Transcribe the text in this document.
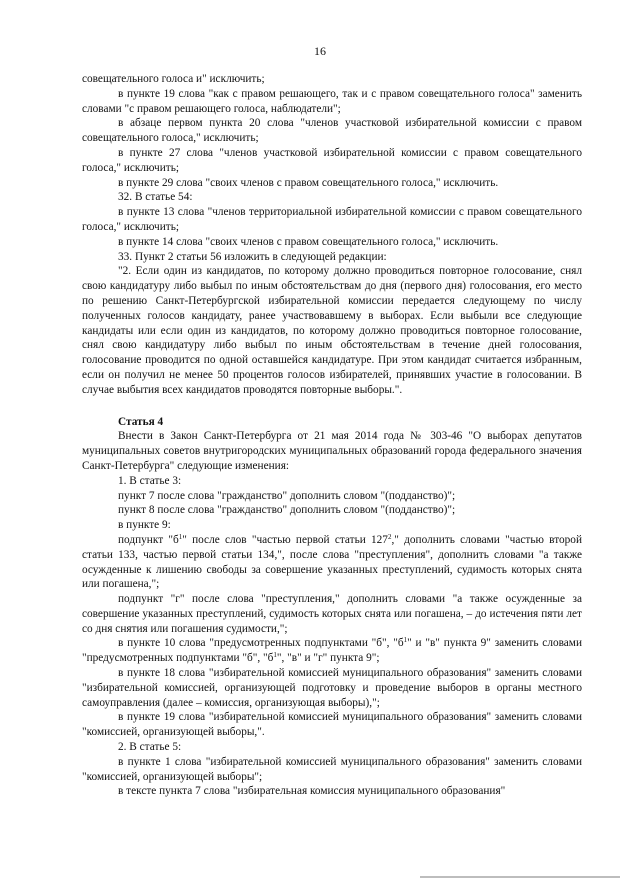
16

совещательного голоса и" исключить;

в пункте 19 слова "как с правом решающего, так и с правом совещательного голоса" заменить словами "с правом решающего голоса, наблюдатели";

в абзаце первом пункта 20 слова "членов участковой избирательной комиссии с правом совещательного голоса," исключить;

в пункте 27 слова "членов участковой избирательной комиссии с правом совещательного голоса," исключить;

в пункте 29 слова "своих членов с правом совещательного голоса," исключить.

32. В статье 54:

в пункте 13 слова "членов территориальной избирательной комиссии с правом совещательного голоса," исключить;

в пункте 14 слова "своих членов с правом совещательного голоса," исключить.

33. Пункт 2 статьи 56 изложить в следующей редакции:

"2. Если один из кандидатов, по которому должно проводиться повторное голосование, снял свою кандидатуру либо выбыл по иным обстоятельствам до дня (первого дня) голосования, его место по решению Санкт-Петербургской избирательной комиссии передается следующему по числу полученных голосов кандидату, ранее участвовавшему в выборах. Если выбыли все следующие кандидаты или если один из кандидатов, по которому должно проводиться повторное голосование, снял свою кандидатуру либо выбыл по иным обстоятельствам в течение дней голосования, голосование проводится по одной оставшейся кандидатуре. При этом кандидат считается избранным, если он получил не менее 50 процентов голосов избирателей, принявших участие в голосовании. В случае выбытия всех кандидатов проводятся повторные выборы.".

Статья 4

Внести в Закон Санкт-Петербурга от 21 мая 2014 года № 303-46 "О выборах депутатов муниципальных советов внутригородских муниципальных образований города федерального значения Санкт-Петербурга" следующие изменения:

1. В статье 3:

пункт 7 после слова "гражданство" дополнить словом "(подданство)";

пункт 8 после слова "гражданство" дополнить словом "(подданство)";

в пункте 9:

подпункт "$б^1$" после слов "частью первой статьи $127^2$," дополнить словами "частью второй статьи 133, частью первой статьи 134,", после слова "преступления", дополнить словами "а также осужденные к лишению свободы за совершение указанных преступлений, судимость которых снята или погашена,";

подпункт "г" после слова "преступления," дополнить словами "а также осужденные за совершение указанных преступлений, судимость которых снята или погашена, – до истечения пяти лет со дня снятия или погашения судимости,";

в пункте 10 слова "предусмотренных подпунктами "б", "$б^1$" и "в" пункта 9" заменить словами "предусмотренных подпунктами "б", "$б^1$", "в" и "г" пункта 9";

в пункте 18 слова "избирательной комиссией муниципального образования" заменить словами "избирательной комиссией, организующей подготовку и проведение выборов в органы местного самоуправления (далее – комиссия, организующая выборы),";

в пункте 19 слова "избирательной комиссией муниципального образования" заменить словами "комиссией, организующей выборы,".

2. В статье 5:

в пункте 1 слова "избирательной комиссией муниципального образования" заменить словами "комиссией, организующей выборы";

в тексте пункта 7 слова "избирательная комиссия муниципального образования"
